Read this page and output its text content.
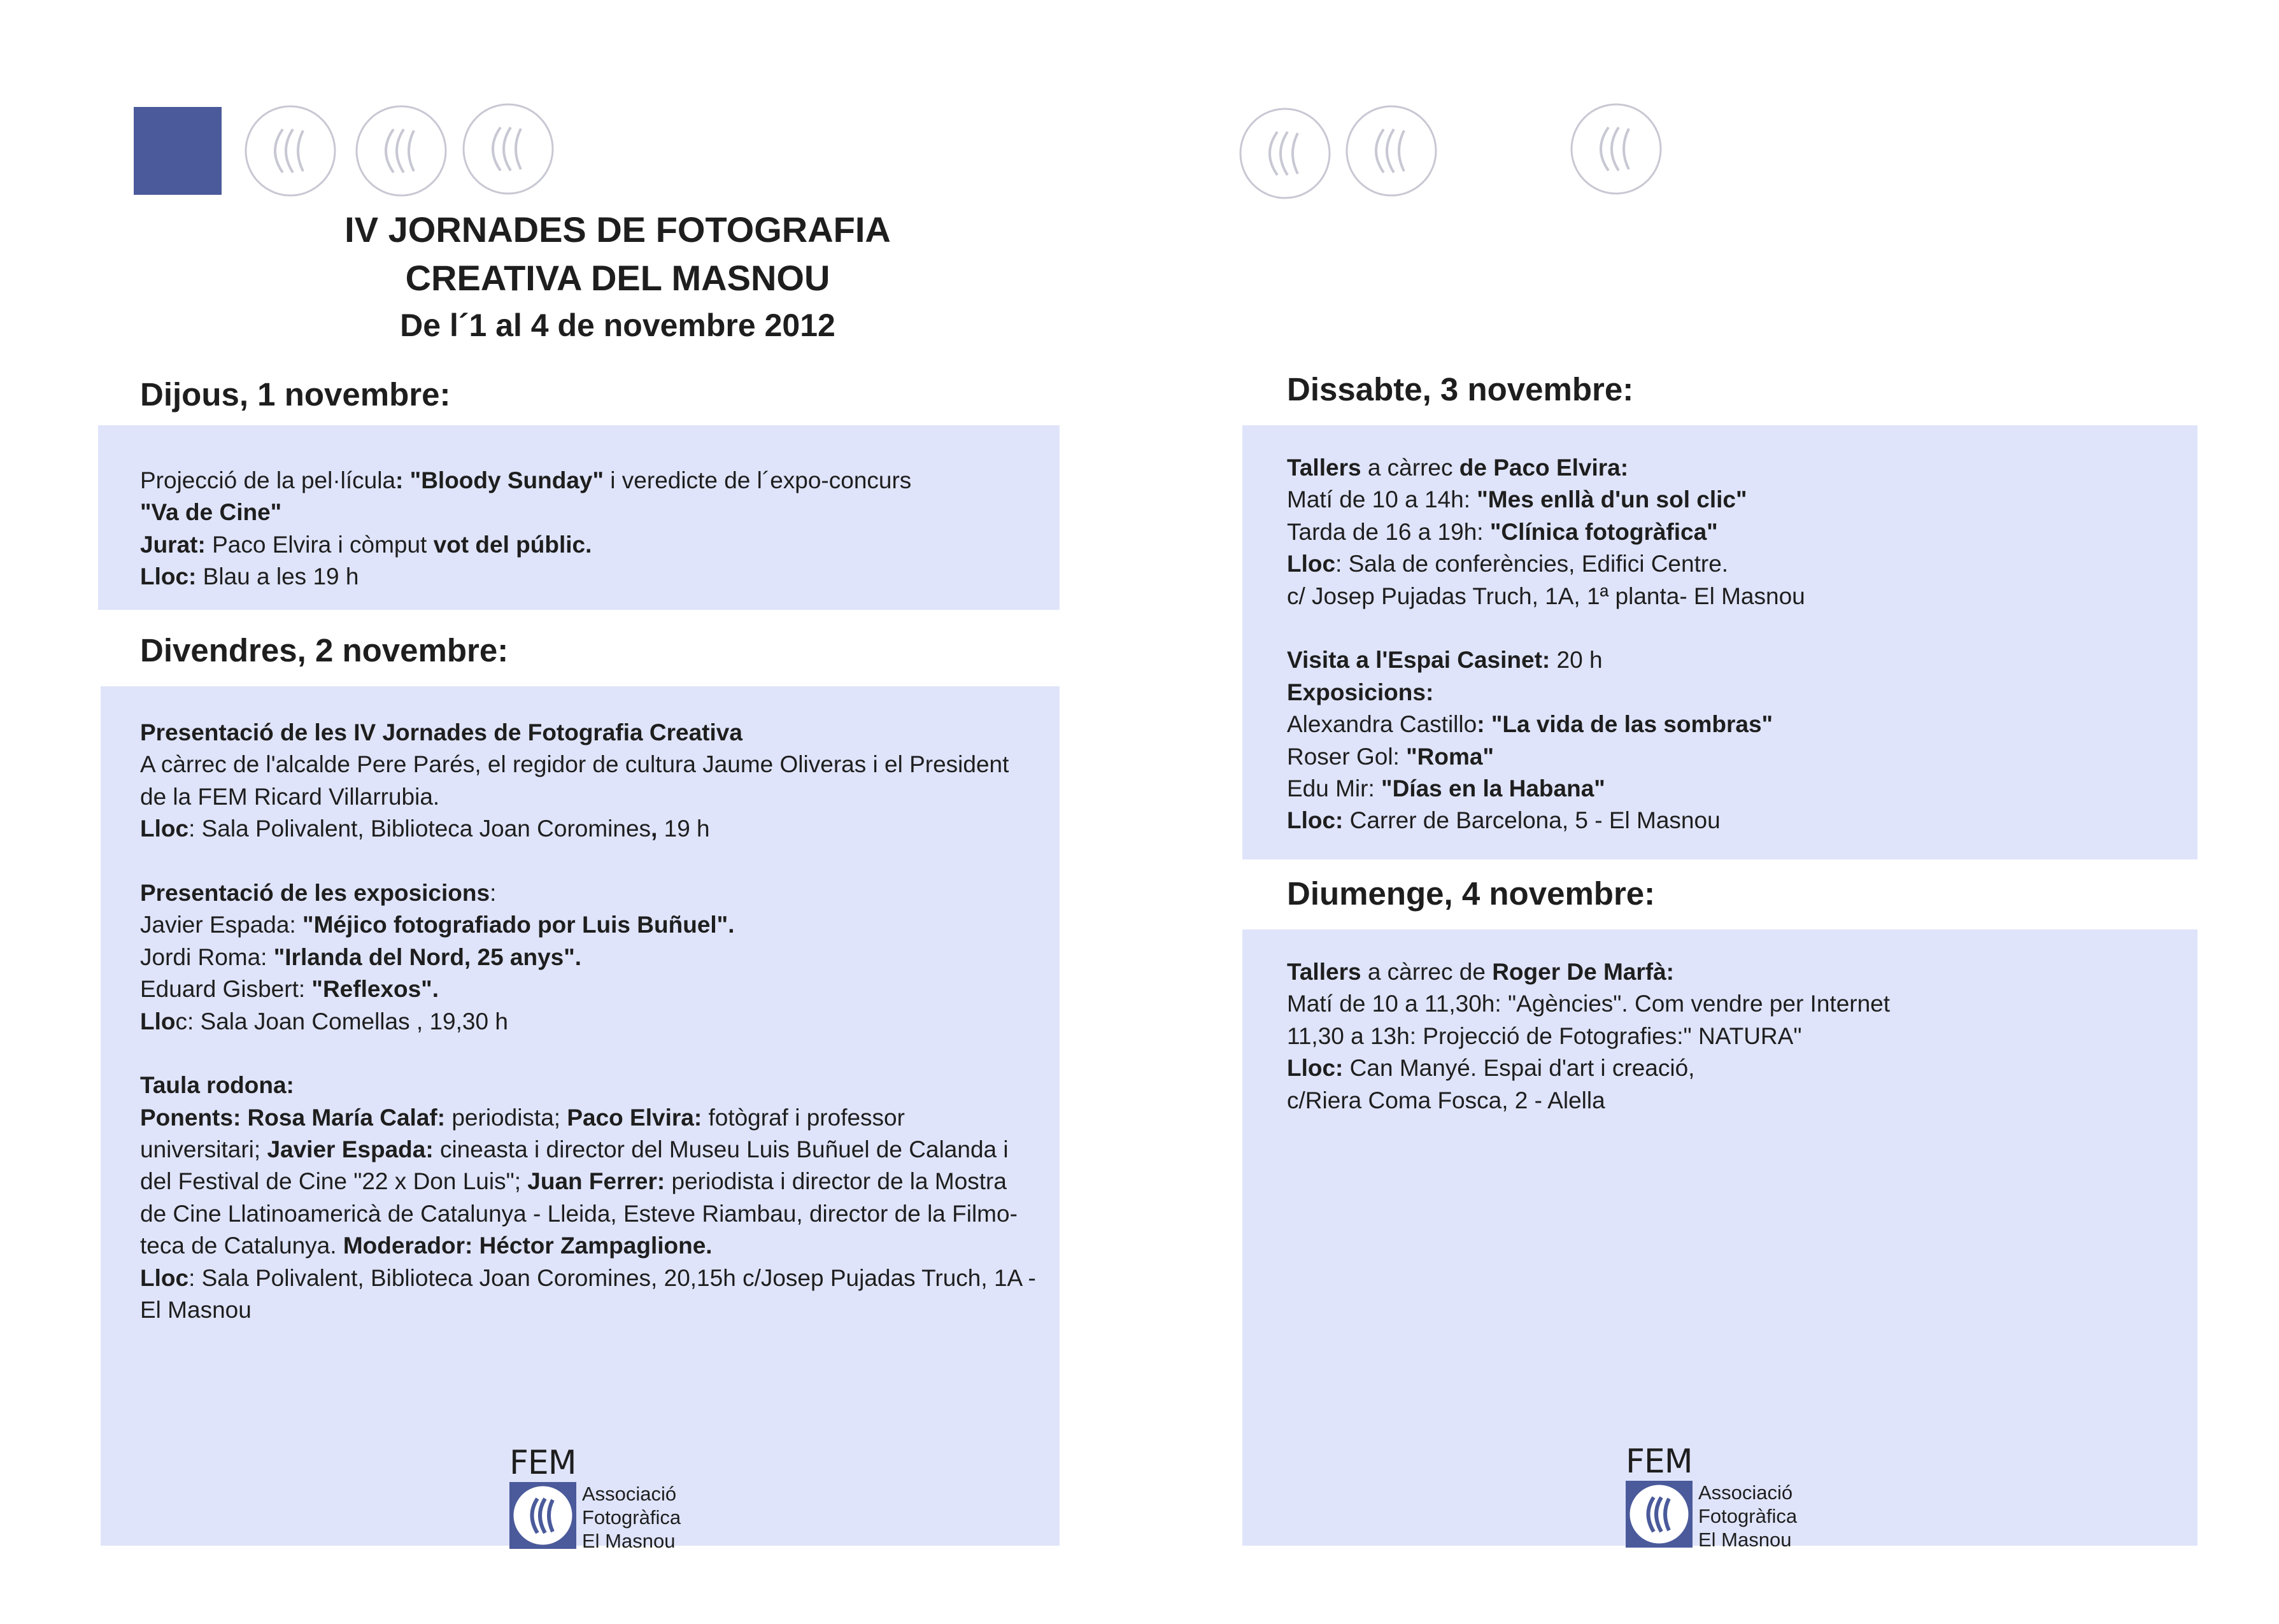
IV JORNADES DE FOTOGRAFIA
CREATIVA DEL MASNOU
De l´1 al 4 de novembre 2012
Dijous, 1 novembre:
Projecció de la pel·lícula: "Bloody Sunday" i veredicte de l´expo-concurs
"Va de Cine"
Jurat: Paco Elvira i còmput vot del públic.
Lloc: Blau a les 19 h
Divendres, 2 novembre:
Presentació de les IV Jornades de Fotografia Creativa
A càrrec de l'alcalde Pere Parés, el regidor de cultura Jaume Oliveras i el President
de la FEM Ricard Villarrubia.
Lloc: Sala Polivalent, Biblioteca Joan Coromines, 19 h
Presentació de les exposicions:
Javier Espada: "Méjico fotografiado por Luis Buñuel".
Jordi Roma: "Irlanda del Nord, 25 anys".
Eduard Gisbert: "Reflexos".
Lloc: Sala Joan Comellas , 19,30 h
Taula rodona:
Ponents: Rosa María Calaf: periodista; Paco Elvira: fotògraf i professor
universitari; Javier Espada: cineasta i director del Museu Luis Buñuel de Calanda i
del Festival de Cine "22 x Don Luis"; Juan Ferrer: periodista i director de la Mostra
de Cine Llatinoamericà de Catalunya - Lleida, Esteve Riambau, director de la Filmo-
teca de Catalunya. Moderador: Héctor Zampaglione.
Lloc: Sala Polivalent, Biblioteca Joan Coromines, 20,15h c/Josep Pujadas Truch, 1A -
El Masnou
FEM
Associació
Fotogràfica
El Masnou
Dissabte, 3 novembre:
Tallers a càrrec de Paco Elvira:
Matí de 10 a 14h: "Mes enllà d'un sol clic"
Tarda de 16 a 19h: "Clínica fotogràfica"
Lloc: Sala de conferències, Edifici Centre.
c/ Josep Pujadas Truch, 1A, 1ª planta- El Masnou
Visita a l'Espai Casinet: 20 h
Exposicions:
Alexandra Castillo: "La vida de las sombras"
Roser Gol: "Roma"
Edu Mir: "Días en la Habana"
Lloc: Carrer de Barcelona, 5 - El Masnou
Diumenge, 4 novembre:
Tallers a càrrec de Roger De Marfà:
Matí de 10 a 11,30h: "Agències". Com vendre per Internet
11,30 a 13h: Projecció de Fotografies:" NATURA"
Lloc: Can Manyé. Espai d'art i creació,
c/Riera Coma Fosca, 2 - Alella
FEM
Associació
Fotogràfica
El Masnou
